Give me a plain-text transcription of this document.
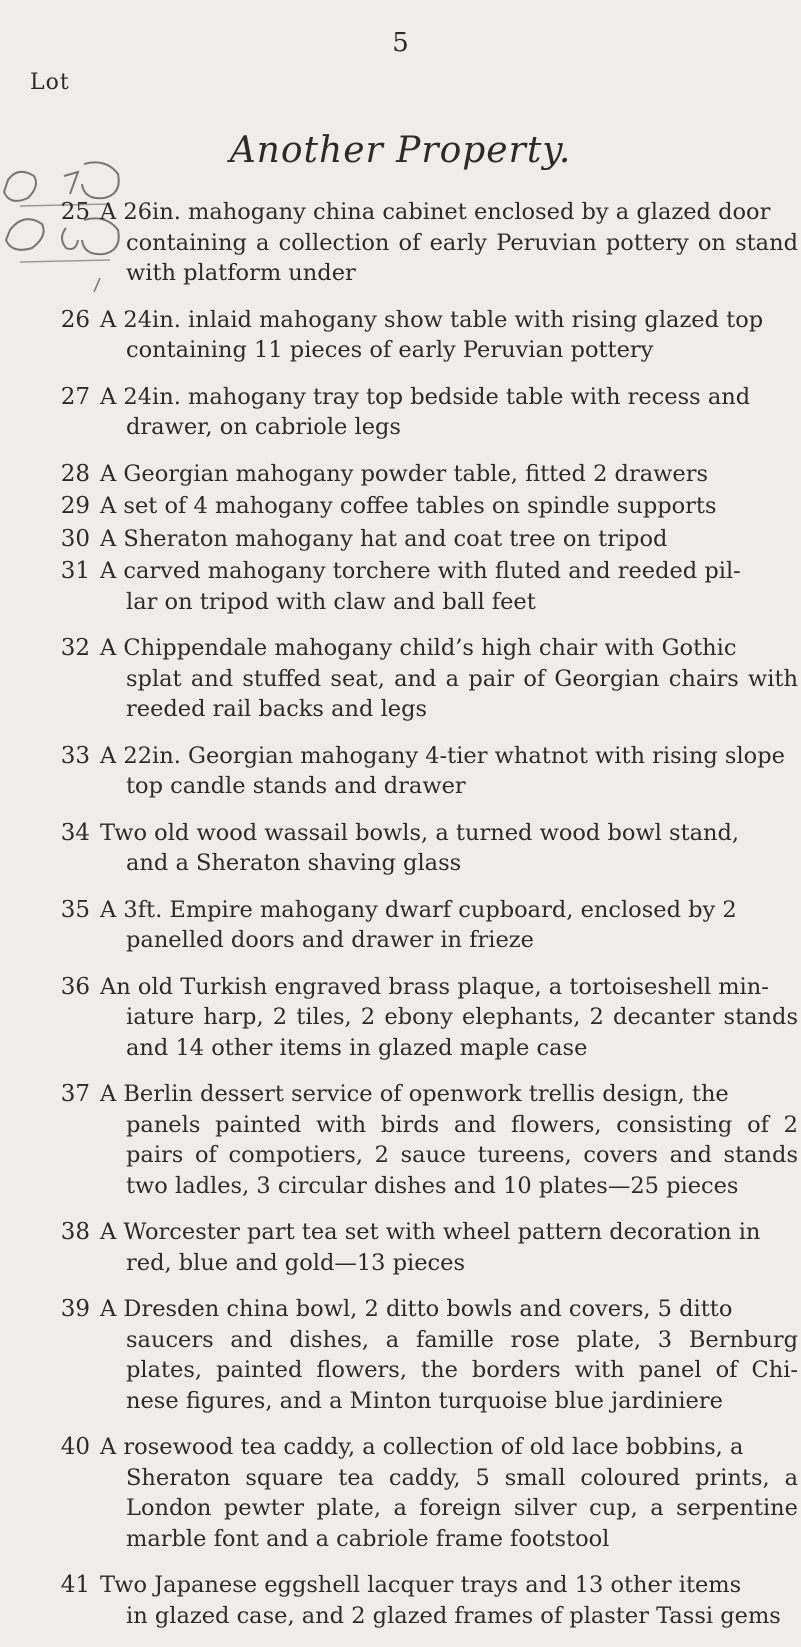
5
Lot
Another Property.
25 A 26in. mahogany china cabinet enclosed by a glazed door
containing a collection of early Peruvian pottery on stand with platform under
26 A 24in. inlaid mahogany show table with rising glazed top
containing 11 pieces of early Peruvian pottery
27 A 24in. mahogany tray top bedside table with recess and
drawer, on cabriole legs
28 A Georgian mahogany powder table, fitted 2 drawers
29 A set of 4 mahogany coffee tables on spindle supports
30 A Sheraton mahogany hat and coat tree on tripod
31 A carved mahogany torchere with fluted and reeded pil-
lar on tripod with claw and ball feet
32 A Chippendale mahogany child’s high chair with Gothic
splat and stuffed seat, and a pair of Georgian chairs with reeded rail backs and legs
33 A 22in. Georgian mahogany 4-tier whatnot with rising slope
top candle stands and drawer
34 Two old wood wassail bowls, a turned wood bowl stand,
and a Sheraton shaving glass
35 A 3ft. Empire mahogany dwarf cupboard, enclosed by 2
panelled doors and drawer in frieze
36 An old Turkish engraved brass plaque, a tortoiseshell min-
iature harp, 2 tiles, 2 ebony elephants, 2 decanter stands and 14 other items in glazed maple case
37 A Berlin dessert service of openwork trellis design, the
panels painted with birds and flowers, consisting of 2 pairs of compotiers, 2 sauce tureens, covers and stands two ladles, 3 circular dishes and 10 plates—25 pieces
38 A Worcester part tea set with wheel pattern decoration in
red, blue and gold—13 pieces
39 A Dresden china bowl, 2 ditto bowls and covers, 5 ditto
saucers and dishes, a famille rose plate, 3 Bernburg plates, painted flowers, the borders with panel of Chi- nese figures, and a Minton turquoise blue jardiniere
40 A rosewood tea caddy, a collection of old lace bobbins, a
Sheraton square tea caddy, 5 small coloured prints, a London pewter plate, a foreign silver cup, a serpentine marble font and a cabriole frame footstool
41 Two Japanese eggshell lacquer trays and 13 other items
in glazed case, and 2 glazed frames of plaster Tassi gems
